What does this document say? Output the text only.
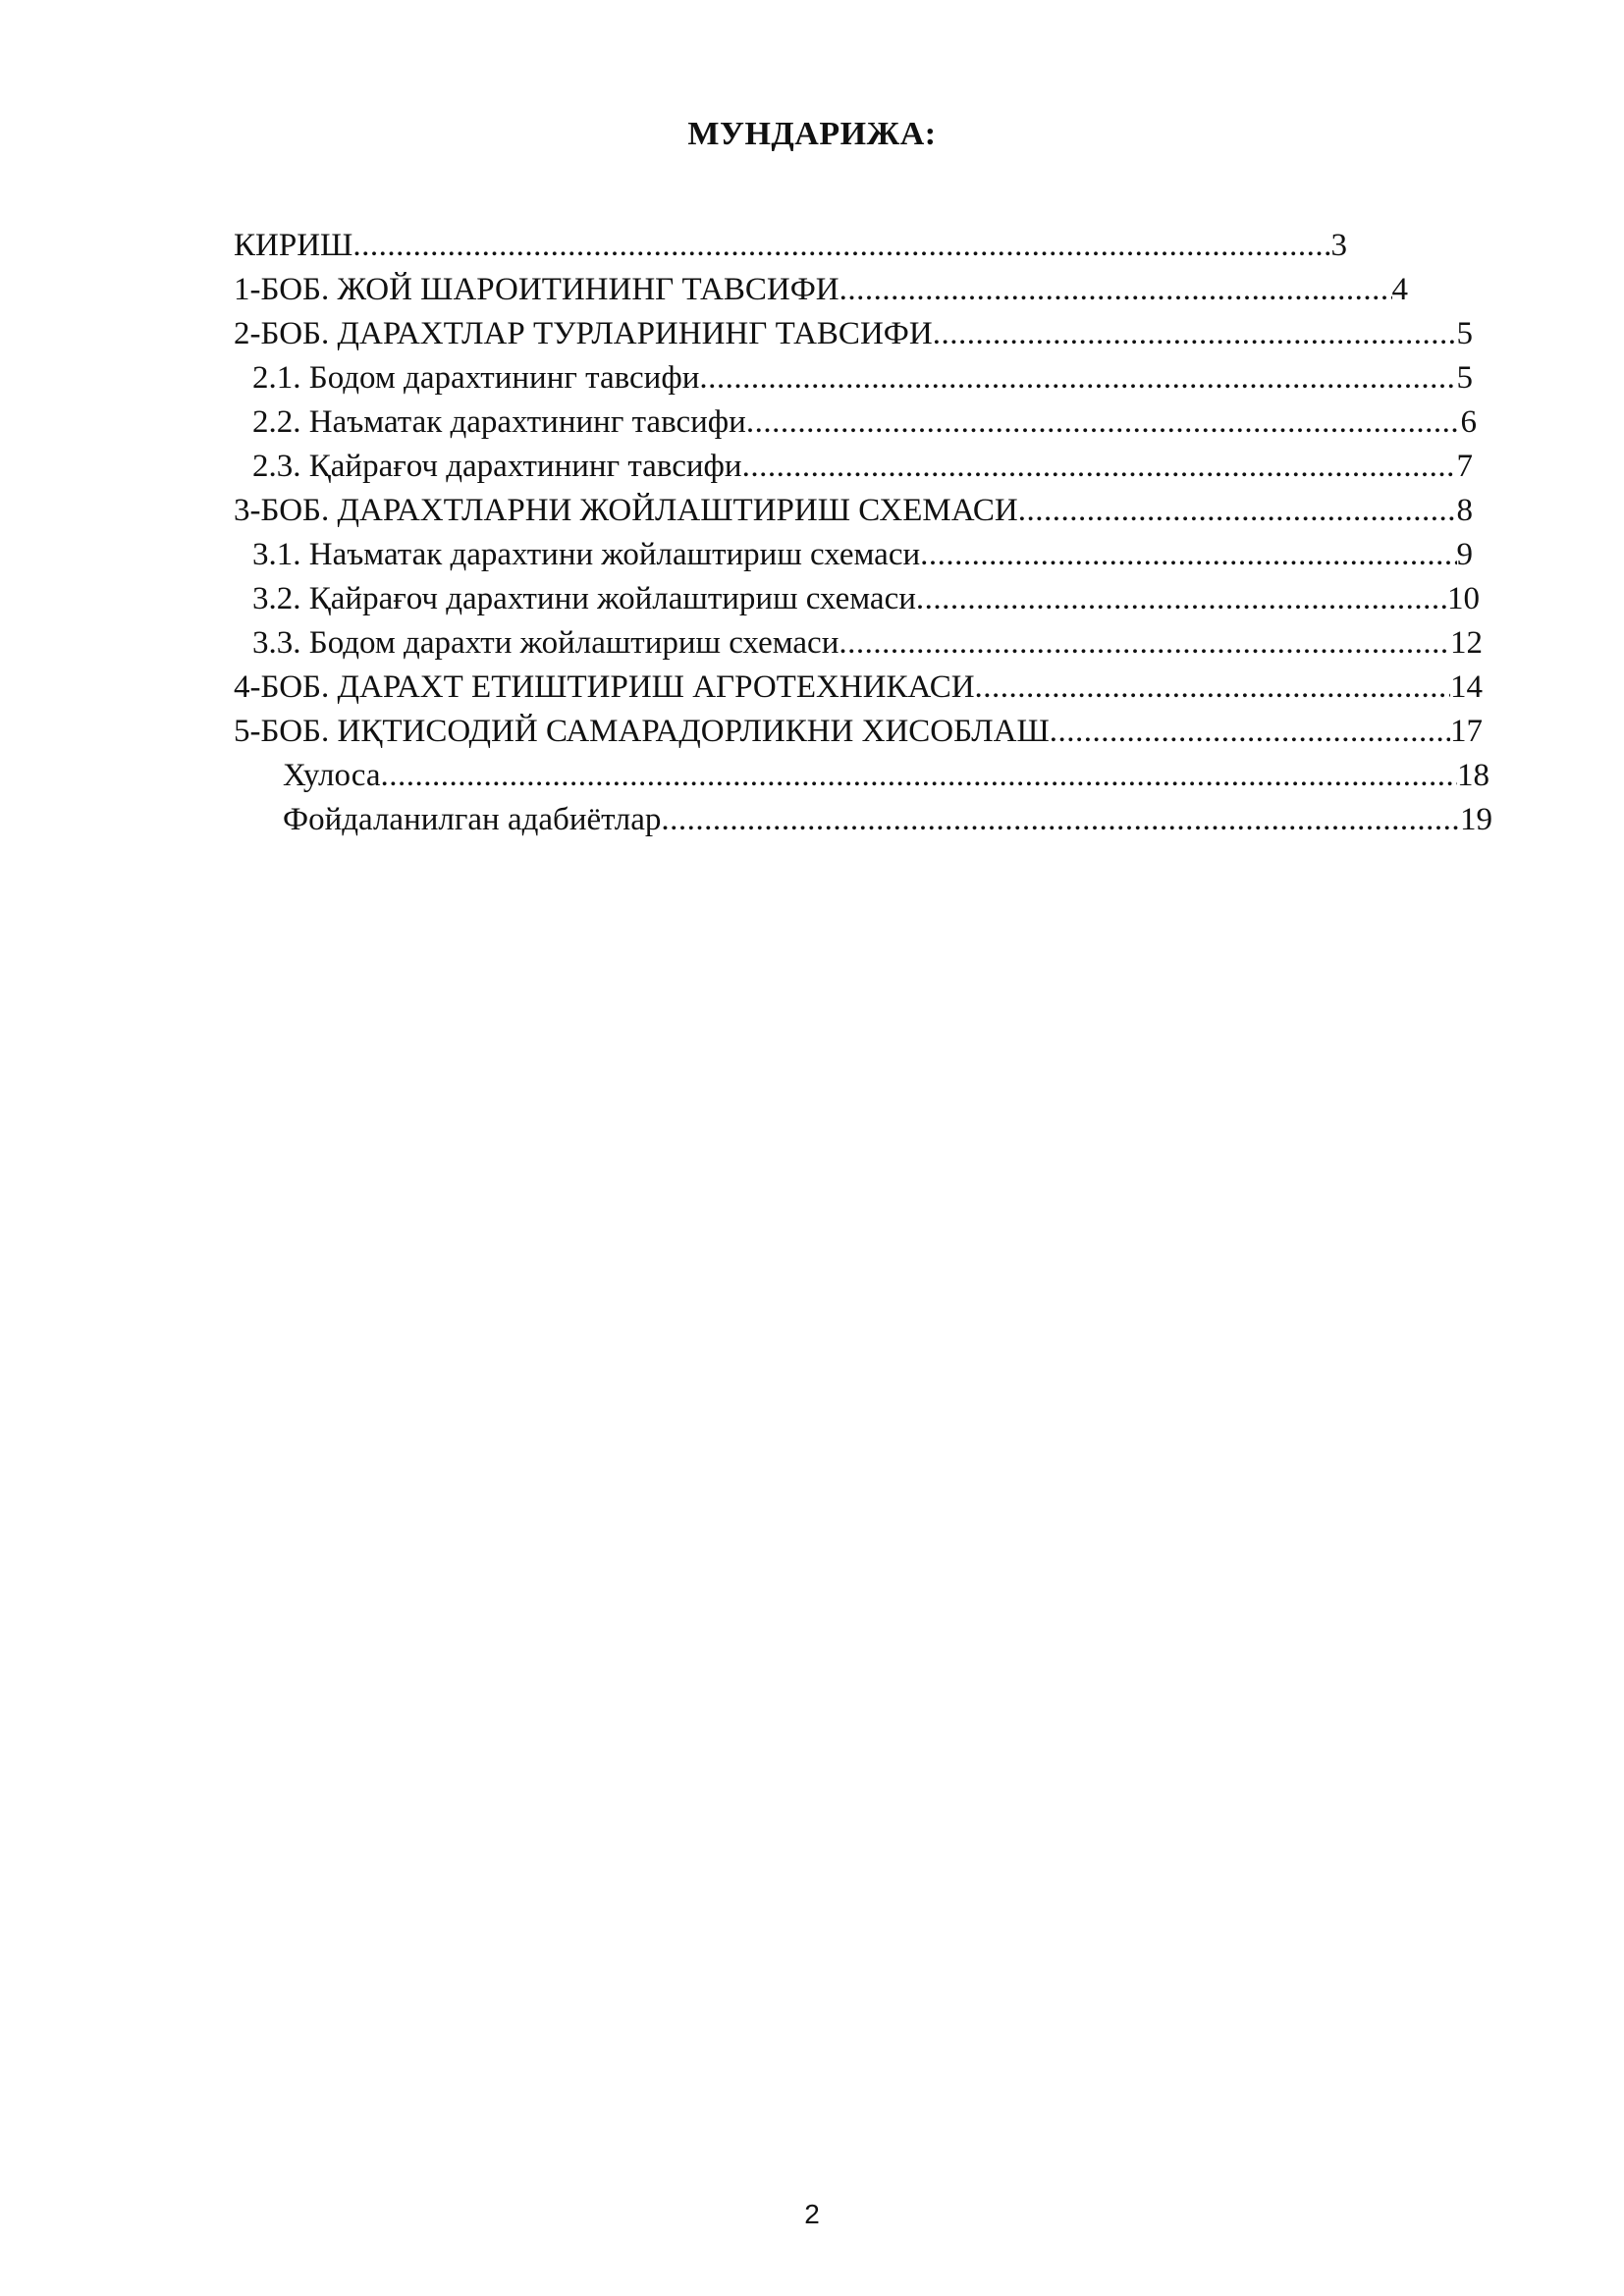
МУНДАРИЖА:
КИРИШ .....	3
1-БОБ. ЖОЙ ШАРОИТИНИНГ ТАВСИФИ .....	4
2-БОБ. ДАРАХТЛАР ТУРЛАРИНИНГ ТАВСИФИ .....	5
2.1. Бодом дарахтининг тавсифи .....	5
2.2. Наъматак дарахтининг тавсифи .....	6
2.3. Қайрағоч дарахтининг тавсифи .....	7
3-БОБ. ДАРАХТЛАРНИ ЖОЙЛАШТИРИШ СХЕМАСИ .....	8
3.1. Наъматак дарахтини жойлаштириш схемаси .....	9
3.2. Қайрағоч дарахтини жойлаштириш схемаси .....	10
3.3. Бодом дарахти жойлаштириш схемаси .....	12
4-БОБ. ДАРАХТ ЕТИШТИРИШ АГРОТЕХНИКАСИ .....	14
5-БОБ. ИҚТИСОДИЙ САМАРАДОРЛИКНИ ХИСОБЛАШ .....	17
Хулоса .....	18
Фойдаланилган адабиётлар .....	19

2
